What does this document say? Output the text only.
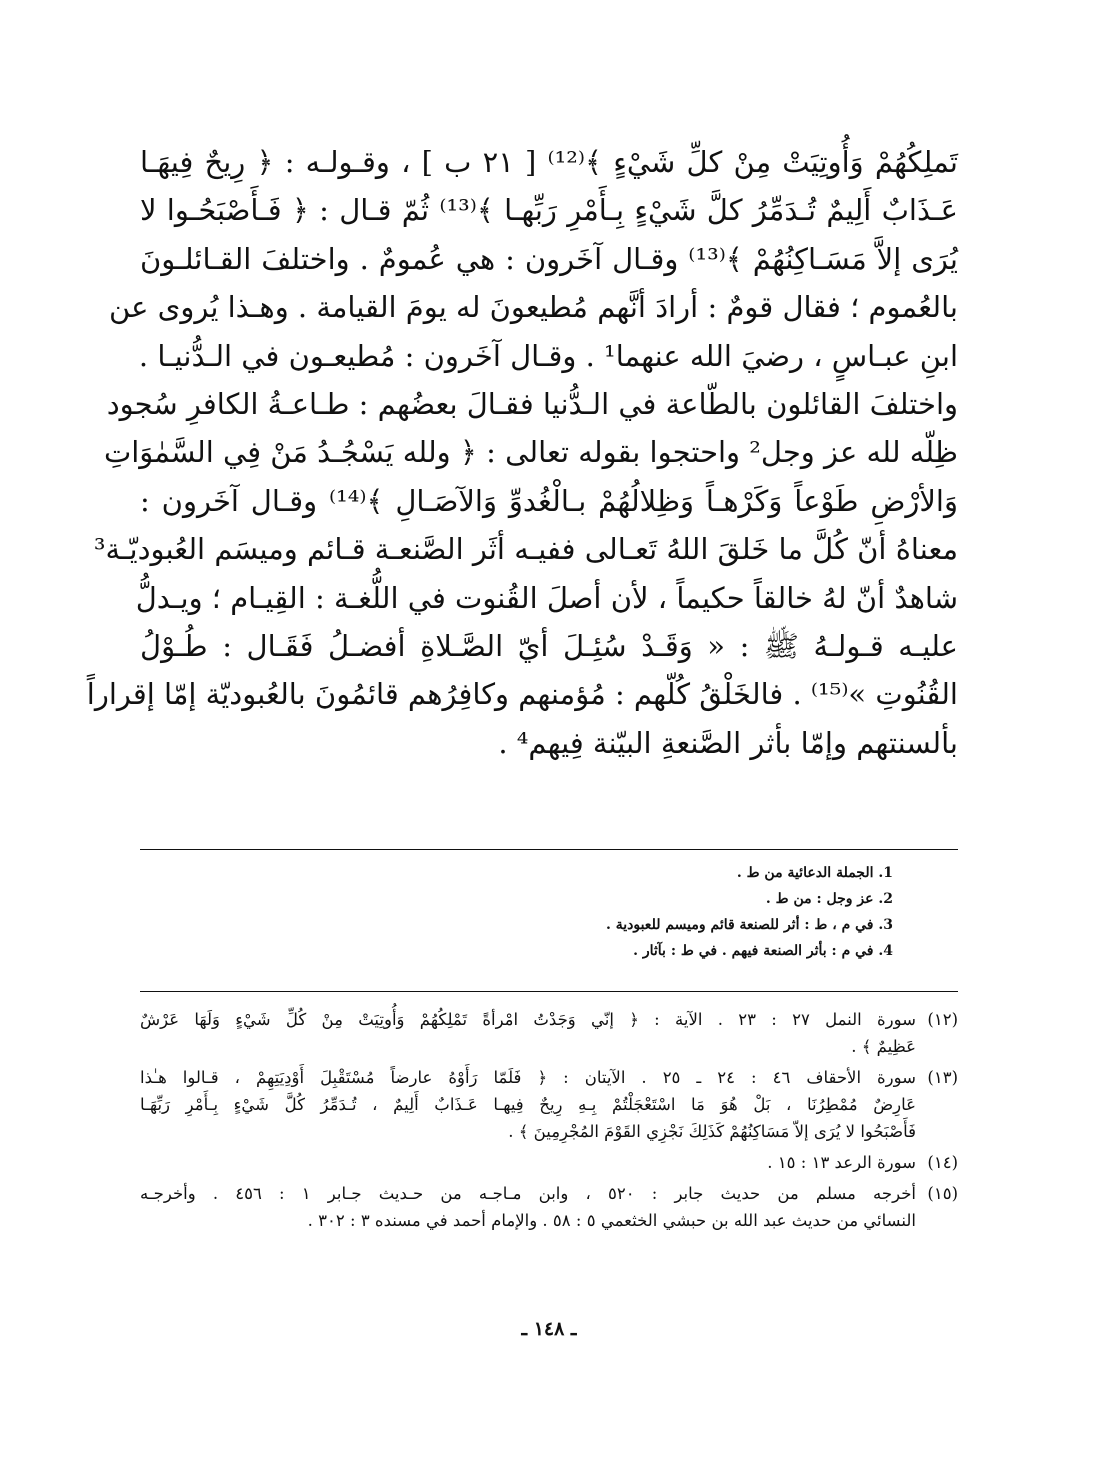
تَملِكُهُمْ وَأُوتِيَتْ مِنْ كلِّ شَيْءٍ ﴾⁽¹²⁾ [ ٢١ ب ] ، وقـولـه : ﴿ رِيحٌ فِيهَـا
عَـذَابٌ أَلِيمٌ تُـدَمِّرُ كلَّ شَيْءٍ بِـأَمْرِ رَبِّهـا ﴾⁽¹³⁾ ثُمّ قـال : ﴿ فَـأَصْبَحُـوا لا
يُرَى إلاَّ مَسَـاكِنُهُمْ ﴾⁽¹³⁾ وقـال آخَرون : هي عُمومٌ . واختلفَ القـائلـونَ
بالعُموم ؛ فقال قومٌ : أرادَ أنَّهم مُطيعونَ له يومَ القيامة . وهـذا يُروى عن
ابنِ عبـاسٍ ، رضيَ الله عنهما¹ . وقـال آخَرون : مُطيعـون في الـدُّنيـا .
واختلفَ القائلون بالطّاعة في الـدُّنيا فقـالَ بعضُهم : طـاعـةُ الكافرِ سُجود
ظِلّه لله عز وجل² واحتجوا بقوله تعالى : ﴿ ولله يَسْجُـدُ مَنْ فِي السَّمٰوَاتِ
وَالأرْضِ طَوْعاً وَكَرْهـاً وَظِلالُهُمْ بـالْغُدوِّ وَالآصَـالِ ﴾⁽¹⁴⁾ وقـال آخَرون :
معناهُ أنّ كُلَّ ما خَلقَ اللهُ تَعـالى ففيـه أثَر الصَّنعـة قـائم وميسَم العُبوديّـة³
شاهدٌ أنّ لهُ خالقاً حكيماً ، لأن أصلَ القُنوت في اللُّغـة : القِيـام ؛ ويـدلُّ
عليـه قـولـهُ ﷺ : « وَقَـدْ سُئِـلَ أيّ الصَّـلاةِ أفضـلُ فَقَـال : طُـوْلُ
القُنُوتِ »⁽¹⁵⁾ . فالخَلْقُ كُلّهم : مُؤمنهم وكافِرُهم قائمُونَ بالعُبوديّة إمّا إقراراً
بألسنتهم وإمّا بأثر الصَّنعةِ البيّنة فِيهم⁴ .
1. الجملة الدعائية من ط .
2. عز وجل : من ط .
3. في م ، ط : أثر للصنعة قائم وميسم للعبودية .
4. في م : بأثر الصنعة فيهم . في ط : بآثار .
(١٢)
سورة النمل ٢٧ : ٢٣ . الآية : ﴿ إنّي وَجَدْتُ امْرأةً تَمْلِكُهُمْ وَأُوتِيَتْ مِنْ كُلِّ شَيْءٍ وَلَهَا عَرْشٌ
عَظِيمٌ ﴾ .
(١٣)
سورة الأحقاف ٤٦ : ٢٤ ـ ٢٥ . الآيتان : ﴿ فَلَمّا رَأَوْهُ عارضاً مُسْتَقْبِلَ أَوْدِيَتِهِمْ ، قـالوا هـٰذا
عَارِضٌ مُمْطِرُنَا ، بَلْ هُوَ مَا اسْتَعْجَلْتُمْ بِـهِ رِيحٌ فِيهـا عَـذَابٌ أَلِيمٌ ، تُـدَمِّرُ كُلَّ شَيْءٍ بِـأَمْرِ رَبِّهَـا
فَأَصْبَحُوا لا يُرَى إلاّ مَسَاكِنُهُمْ كَذَلِكَ نَجْزِي القَوْمَ المُجْرِمِينَ ﴾ .
(١٤)
سورة الرعد ١٣ : ١٥ .
(١٥)
أخرجه مسلم من حديث جابر : ٥٢٠ ، وابن مـاجـه من حـديث جـابر ١ : ٤٥٦ . وأخرجـه
النسائي من حديث عبد الله بن حبشي الخثعمي ٥ : ٥٨ . والإمام أحمد في مسنده ٣ : ٣٠٢ .
ـ ١٤٨ ـ
